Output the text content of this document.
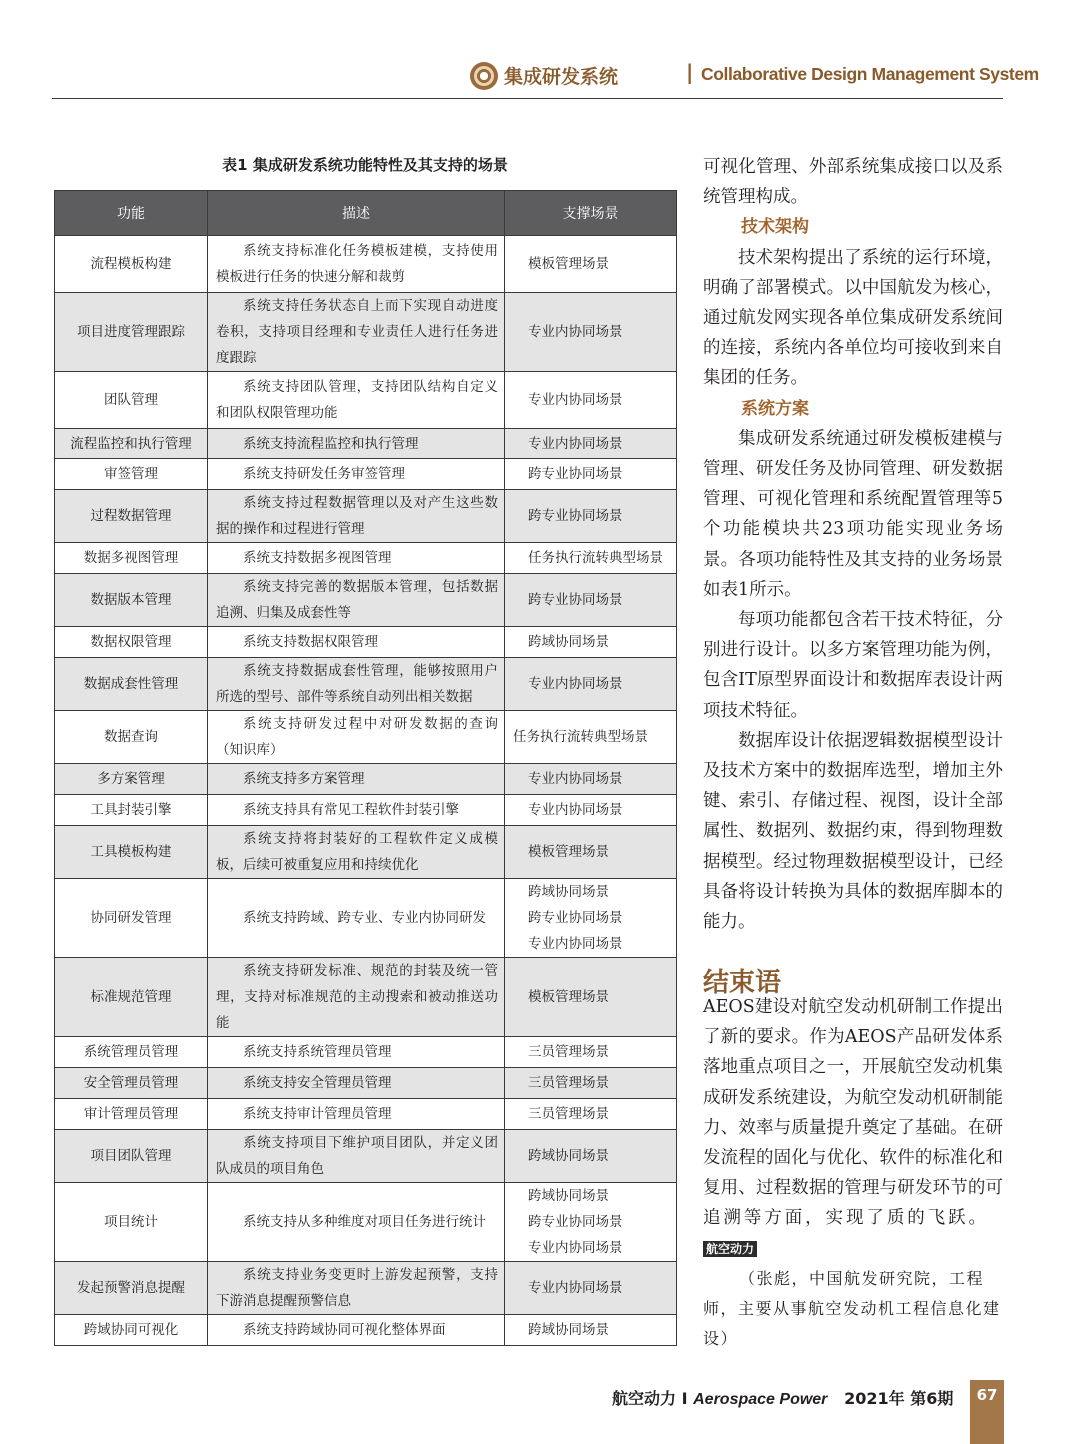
集成研发系统	| Collaborative Design Management System
表1 集成研发系统功能特性及其支持的场景
功能	描述	支撑场景
流程模板构建	系统支持标准化任务模板建模，支持使用模板进行任务的快速分解和裁剪	模板管理场景

项目进度管理跟踪	系统支持任务状态自上而下实现自动进度卷积，支持项目经理和专业责任人进行任务进度跟踪	专业内协同场景

团队管理	系统支持团队管理，支持团队结构自定义和团队权限管理功能	专业内协同场景

流程监控和执行管理	系统支持流程监控和执行管理	专业内协同场景

审签管理	系统支持研发任务审签管理	跨专业协同场景

过程数据管理	系统支持过程数据管理以及对产生这些数据的操作和过程进行管理	跨专业协同场景

数据多视图管理	系统支持数据多视图管理	任务执行流转典型场景

数据版本管理	系统支持完善的数据版本管理，包括数据追溯、归集及成套性等	跨专业协同场景

数据权限管理	系统支持数据权限管理	跨域协同场景

数据成套性管理	系统支持数据成套性管理，能够按照用户所选的型号、部件等系统自动列出相关数据	专业内协同场景

数据查询	系统支持研发过程中对研发数据的查询（知识库）	任务执行流转典型场景

多方案管理	系统支持多方案管理	专业内协同场景

工具封装引擎	系统支持具有常见工程软件封装引擎	专业内协同场景

工具模板构建	系统支持将封装好的工程软件定义成模板，后续可被重复应用和持续优化	模板管理场景

协同研发管理	系统支持跨域、跨专业、专业内协同研发	跨域协同场景
跨专业协同场景
专业内协同场景

标准规范管理	系统支持研发标准、规范的封装及统一管理，支持对标准规范的主动搜索和被动推送功能	模板管理场景

系统管理员管理	系统支持系统管理员管理	三员管理场景

安全管理员管理	系统支持安全管理员管理	三员管理场景

审计管理员管理	系统支持审计管理员管理	三员管理场景

项目团队管理	系统支持项目下维护项目团队，并定义团队成员的项目角色	跨域协同场景

项目统计	系统支持从多种维度对项目任务进行统计	跨域协同场景
跨专业协同场景
专业内协同场景

发起预警消息提醒	系统支持业务变更时上游发起预警，支持下游消息提醒预警信息	专业内协同场景

跨域协同可视化	系统支持跨域协同可视化整体界面	跨域协同场景

可视化管理、外部系统集成接口以及系统管理构成。

技术架构

技术架构提出了系统的运行环境，明确了部署模式。以中国航发为核心，通过航发网实现各单位集成研发系统间的连接，系统内各单位均可接收到来自集团的任务。

系统方案

集成研发系统通过研发模板建模与管理、研发任务及协同管理、研发数据管理、可视化管理和系统配置管理等5个功能模块共23项功能实现业务场景。各项功能特性及其支持的业务场景如表1所示。

每项功能都包含若干技术特征，分别进行设计。以多方案管理功能为例，包含IT原型界面设计和数据库表设计两项技术特征。

数据库设计依据逻辑数据模型设计及技术方案中的数据库选型，增加主外键、索引、存储过程、视图，设计全部属性、数据列、数据约束，得到物理数据模型。经过物理数据模型设计，已经具备将设计转换为具体的数据库脚本的能力。

结束语

AEOS建设对航空发动机研制工作提出了新的要求。作为AEOS产品研发体系落地重点项目之一，开展航空发动机集成研发系统建设，为航空发动机研制能力、效率与质量提升奠定了基础。在研发流程的固化与优化、软件的标准化和复用、过程数据的管理与研发环节的可追溯等方面，实现了质的飞跃。  航空动力

（张彪，中国航发研究院，工程师，主要从事航空发动机工程信息化建设）
航空动力 I Aerospace Power 2021年 第6期	67
